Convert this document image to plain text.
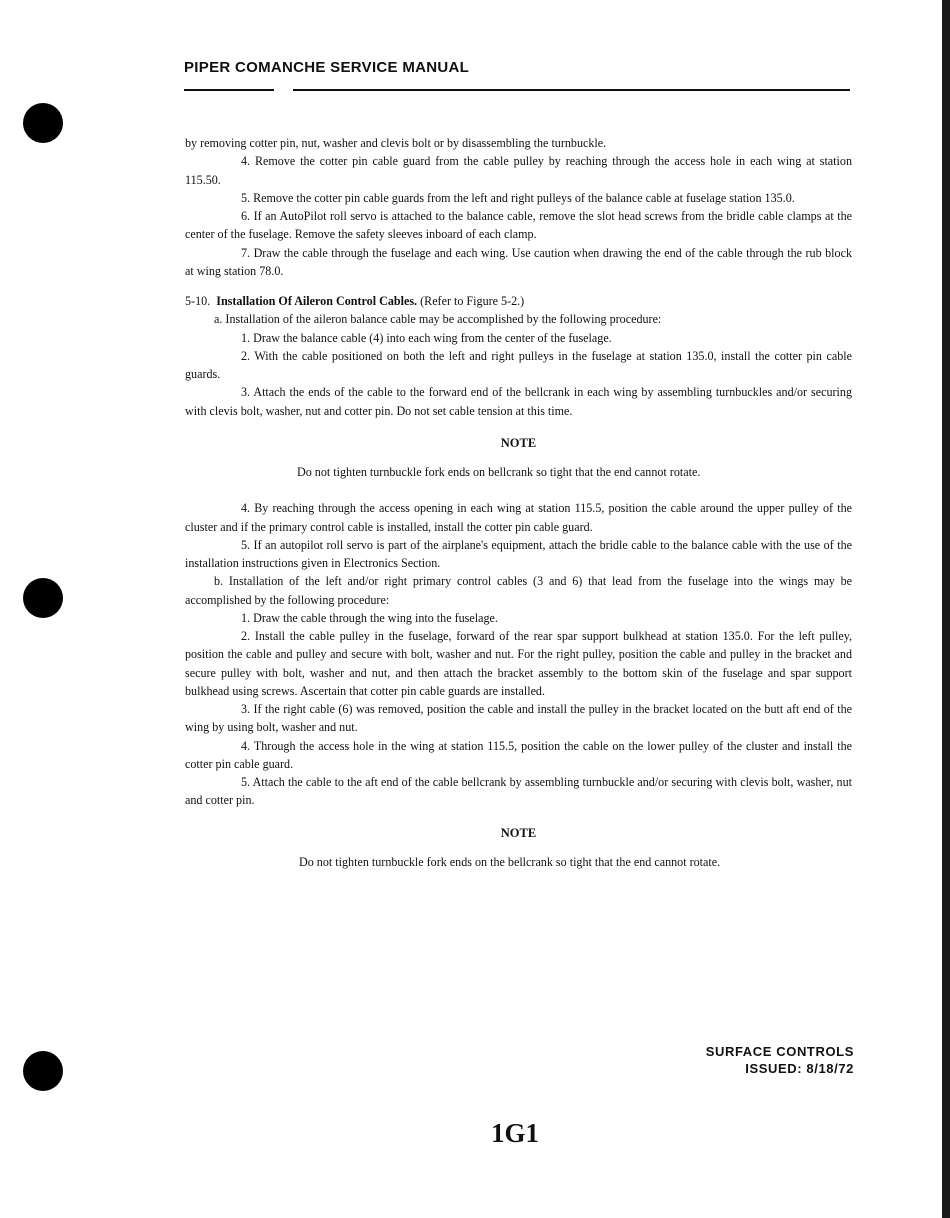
PIPER COMANCHE SERVICE MANUAL

by removing cotter pin, nut, washer and clevis bolt or by disassembling the turnbuckle.

4. Remove the cotter pin cable guard from the cable pulley by reaching through the access hole in each wing at station 115.50.

5. Remove the cotter pin cable guards from the left and right pulleys of the balance cable at fuselage station 135.0.

6. If an AutoPilot roll servo is attached to the balance cable, remove the slot head screws from the bridle cable clamps at the center of the fuselage. Remove the safety sleeves inboard of each clamp.

7. Draw the cable through the fuselage and each wing. Use caution when drawing the end of the cable through the rub block at wing station 78.0.

5-10. Installation Of Aileron Control Cables. (Refer to Figure 5-2.)

a. Installation of the aileron balance cable may be accomplished by the following procedure:

1. Draw the balance cable (4) into each wing from the center of the fuselage.

2. With the cable positioned on both the left and right pulleys in the fuselage at station 135.0, install the cotter pin cable guards.

3. Attach the ends of the cable to the forward end of the bellcrank in each wing by assembling turnbuckles and/or securing with clevis bolt, washer, nut and cotter pin. Do not set cable tension at this time.

NOTE

Do not tighten turnbuckle fork ends on bellcrank so tight that the end cannot rotate.

4. By reaching through the access opening in each wing at station 115.5, position the cable around the upper pulley of the cluster and if the primary control cable is installed, install the cotter pin cable guard.

5. If an autopilot roll servo is part of the airplane's equipment, attach the bridle cable to the balance cable with the use of the installation instructions given in Electronics Section.

b. Installation of the left and/or right primary control cables (3 and 6) that lead from the fuselage into the wings may be accomplished by the following procedure:

1. Draw the cable through the wing into the fuselage.

2. Install the cable pulley in the fuselage, forward of the rear spar support bulkhead at station 135.0. For the left pulley, position the cable and pulley and secure with bolt, washer and nut. For the right pulley, position the cable and pulley in the bracket and secure pulley with bolt, washer and nut, and then attach the bracket assembly to the bottom skin of the fuselage and spar support bulkhead using screws. Ascertain that cotter pin cable guards are installed.

3. If the right cable (6) was removed, position the cable and install the pulley in the bracket located on the butt aft end of the wing by using bolt, washer and nut.

4. Through the access hole in the wing at station 115.5, position the cable on the lower pulley of the cluster and install the cotter pin cable guard.

5. Attach the cable to the aft end of the cable bellcrank by assembling turnbuckle and/or securing with clevis bolt, washer, nut and cotter pin.

NOTE

Do not tighten turnbuckle fork ends on the bellcrank so tight that the end cannot rotate.

SURFACE CONTROLS
ISSUED: 8/18/72

1G1
